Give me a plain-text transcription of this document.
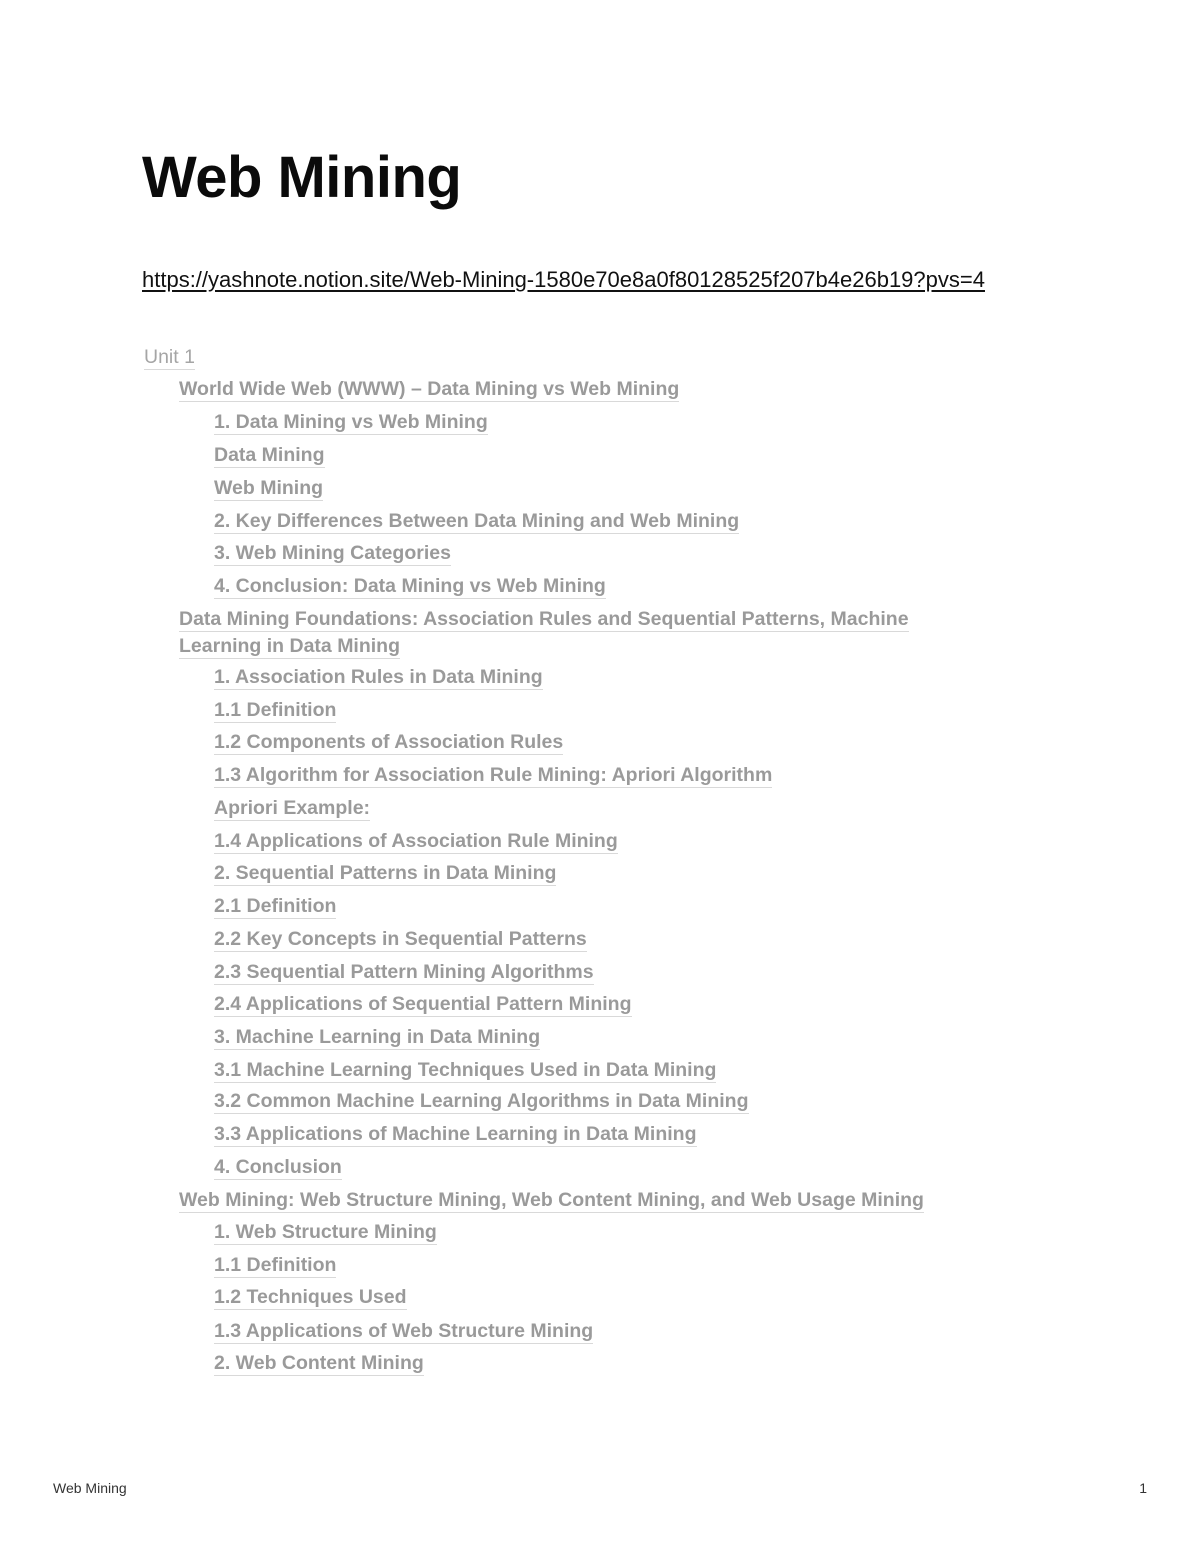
Web Mining
https://yashnote.notion.site/Web-Mining-1580e70e8a0f80128525f207b4e26b19?pvs=4
Unit 1
World Wide Web (WWW) – Data Mining vs Web Mining
1. Data Mining vs Web Mining
Data Mining
Web Mining
2. Key Differences Between Data Mining and Web Mining
3. Web Mining Categories
4. Conclusion: Data Mining vs Web Mining
Data Mining Foundations: Association Rules and Sequential Patterns, Machine Learning in Data Mining
1. Association Rules in Data Mining
1.1 Definition
1.2 Components of Association Rules
1.3 Algorithm for Association Rule Mining: Apriori Algorithm
Apriori Example:
1.4 Applications of Association Rule Mining
2. Sequential Patterns in Data Mining
2.1 Definition
2.2 Key Concepts in Sequential Patterns
2.3 Sequential Pattern Mining Algorithms
2.4 Applications of Sequential Pattern Mining
3. Machine Learning in Data Mining
3.1 Machine Learning Techniques Used in Data Mining
3.2 Common Machine Learning Algorithms in Data Mining
3.3 Applications of Machine Learning in Data Mining
4. Conclusion
Web Mining: Web Structure Mining, Web Content Mining, and Web Usage Mining
1. Web Structure Mining
1.1 Definition
1.2 Techniques Used
1.3 Applications of Web Structure Mining
2. Web Content Mining
Web Mining	1
